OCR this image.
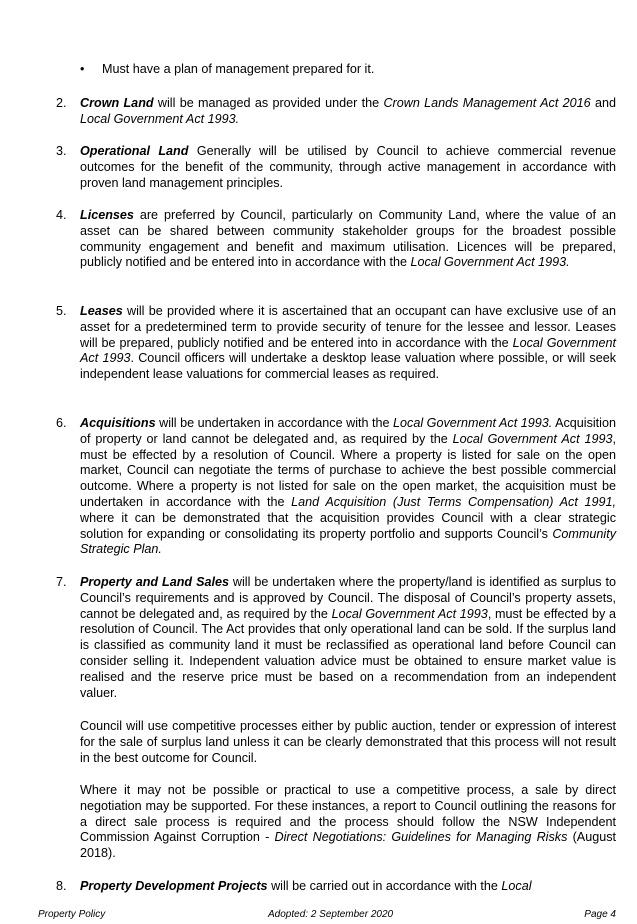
• Must have a plan of management prepared for it.
2.	Crown Land will be managed as provided under the Crown Lands Management Act 2016 and Local Government Act 1993.
3.	Operational Land Generally will be utilised by Council to achieve commercial revenue outcomes for the benefit of the community, through active management in accordance with proven land management principles.
4.	Licenses are preferred by Council, particularly on Community Land, where the value of an asset can be shared between community stakeholder groups for the broadest possible community engagement and benefit and maximum utilisation. Licences will be prepared, publicly notified and be entered into in accordance with the Local Government Act 1993.
5.	Leases will be provided where it is ascertained that an occupant can have exclusive use of an asset for a predetermined term to provide security of tenure for the lessee and lessor. Leases will be prepared, publicly notified and be entered into in accordance with the Local Government Act 1993. Council officers will undertake a desktop lease valuation where possible, or will seek independent lease valuations for commercial leases as required.
6.	Acquisitions will be undertaken in accordance with the Local Government Act 1993. Acquisition of property or land cannot be delegated and, as required by the Local Government Act 1993, must be effected by a resolution of Council. Where a property is listed for sale on the open market, Council can negotiate the terms of purchase to achieve the best possible commercial outcome. Where a property is not listed for sale on the open market, the acquisition must be undertaken in accordance with the Land Acquisition (Just Terms Compensation) Act 1991, where it can be demonstrated that the acquisition provides Council with a clear strategic solution for expanding or consolidating its property portfolio and supports Council’s Community Strategic Plan.
7.	Property and Land Sales will be undertaken where the property/land is identified as surplus to Council’s requirements and is approved by Council. The disposal of Council’s property assets, cannot be delegated and, as required by the Local Government Act 1993, must be effected by a resolution of Council. The Act provides that only operational land can be sold. If the surplus land is classified as community land it must be reclassified as operational land before Council can consider selling it. Independent valuation advice must be obtained to ensure market value is realised and the reserve price must be based on a recommendation from an independent valuer.
Council will use competitive processes either by public auction, tender or expression of interest for the sale of surplus land unless it can be clearly demonstrated that this process will not result in the best outcome for Council.
Where it may not be possible or practical to use a competitive process, a sale by direct negotiation may be supported. For these instances, a report to Council outlining the reasons for a direct sale process is required and the process should follow the NSW Independent Commission Against Corruption - Direct Negotiations: Guidelines for Managing Risks (August 2018).
8.	Property Development Projects will be carried out in accordance with the Local
Property Policy	Adopted: 2 September 2020	Page 4
